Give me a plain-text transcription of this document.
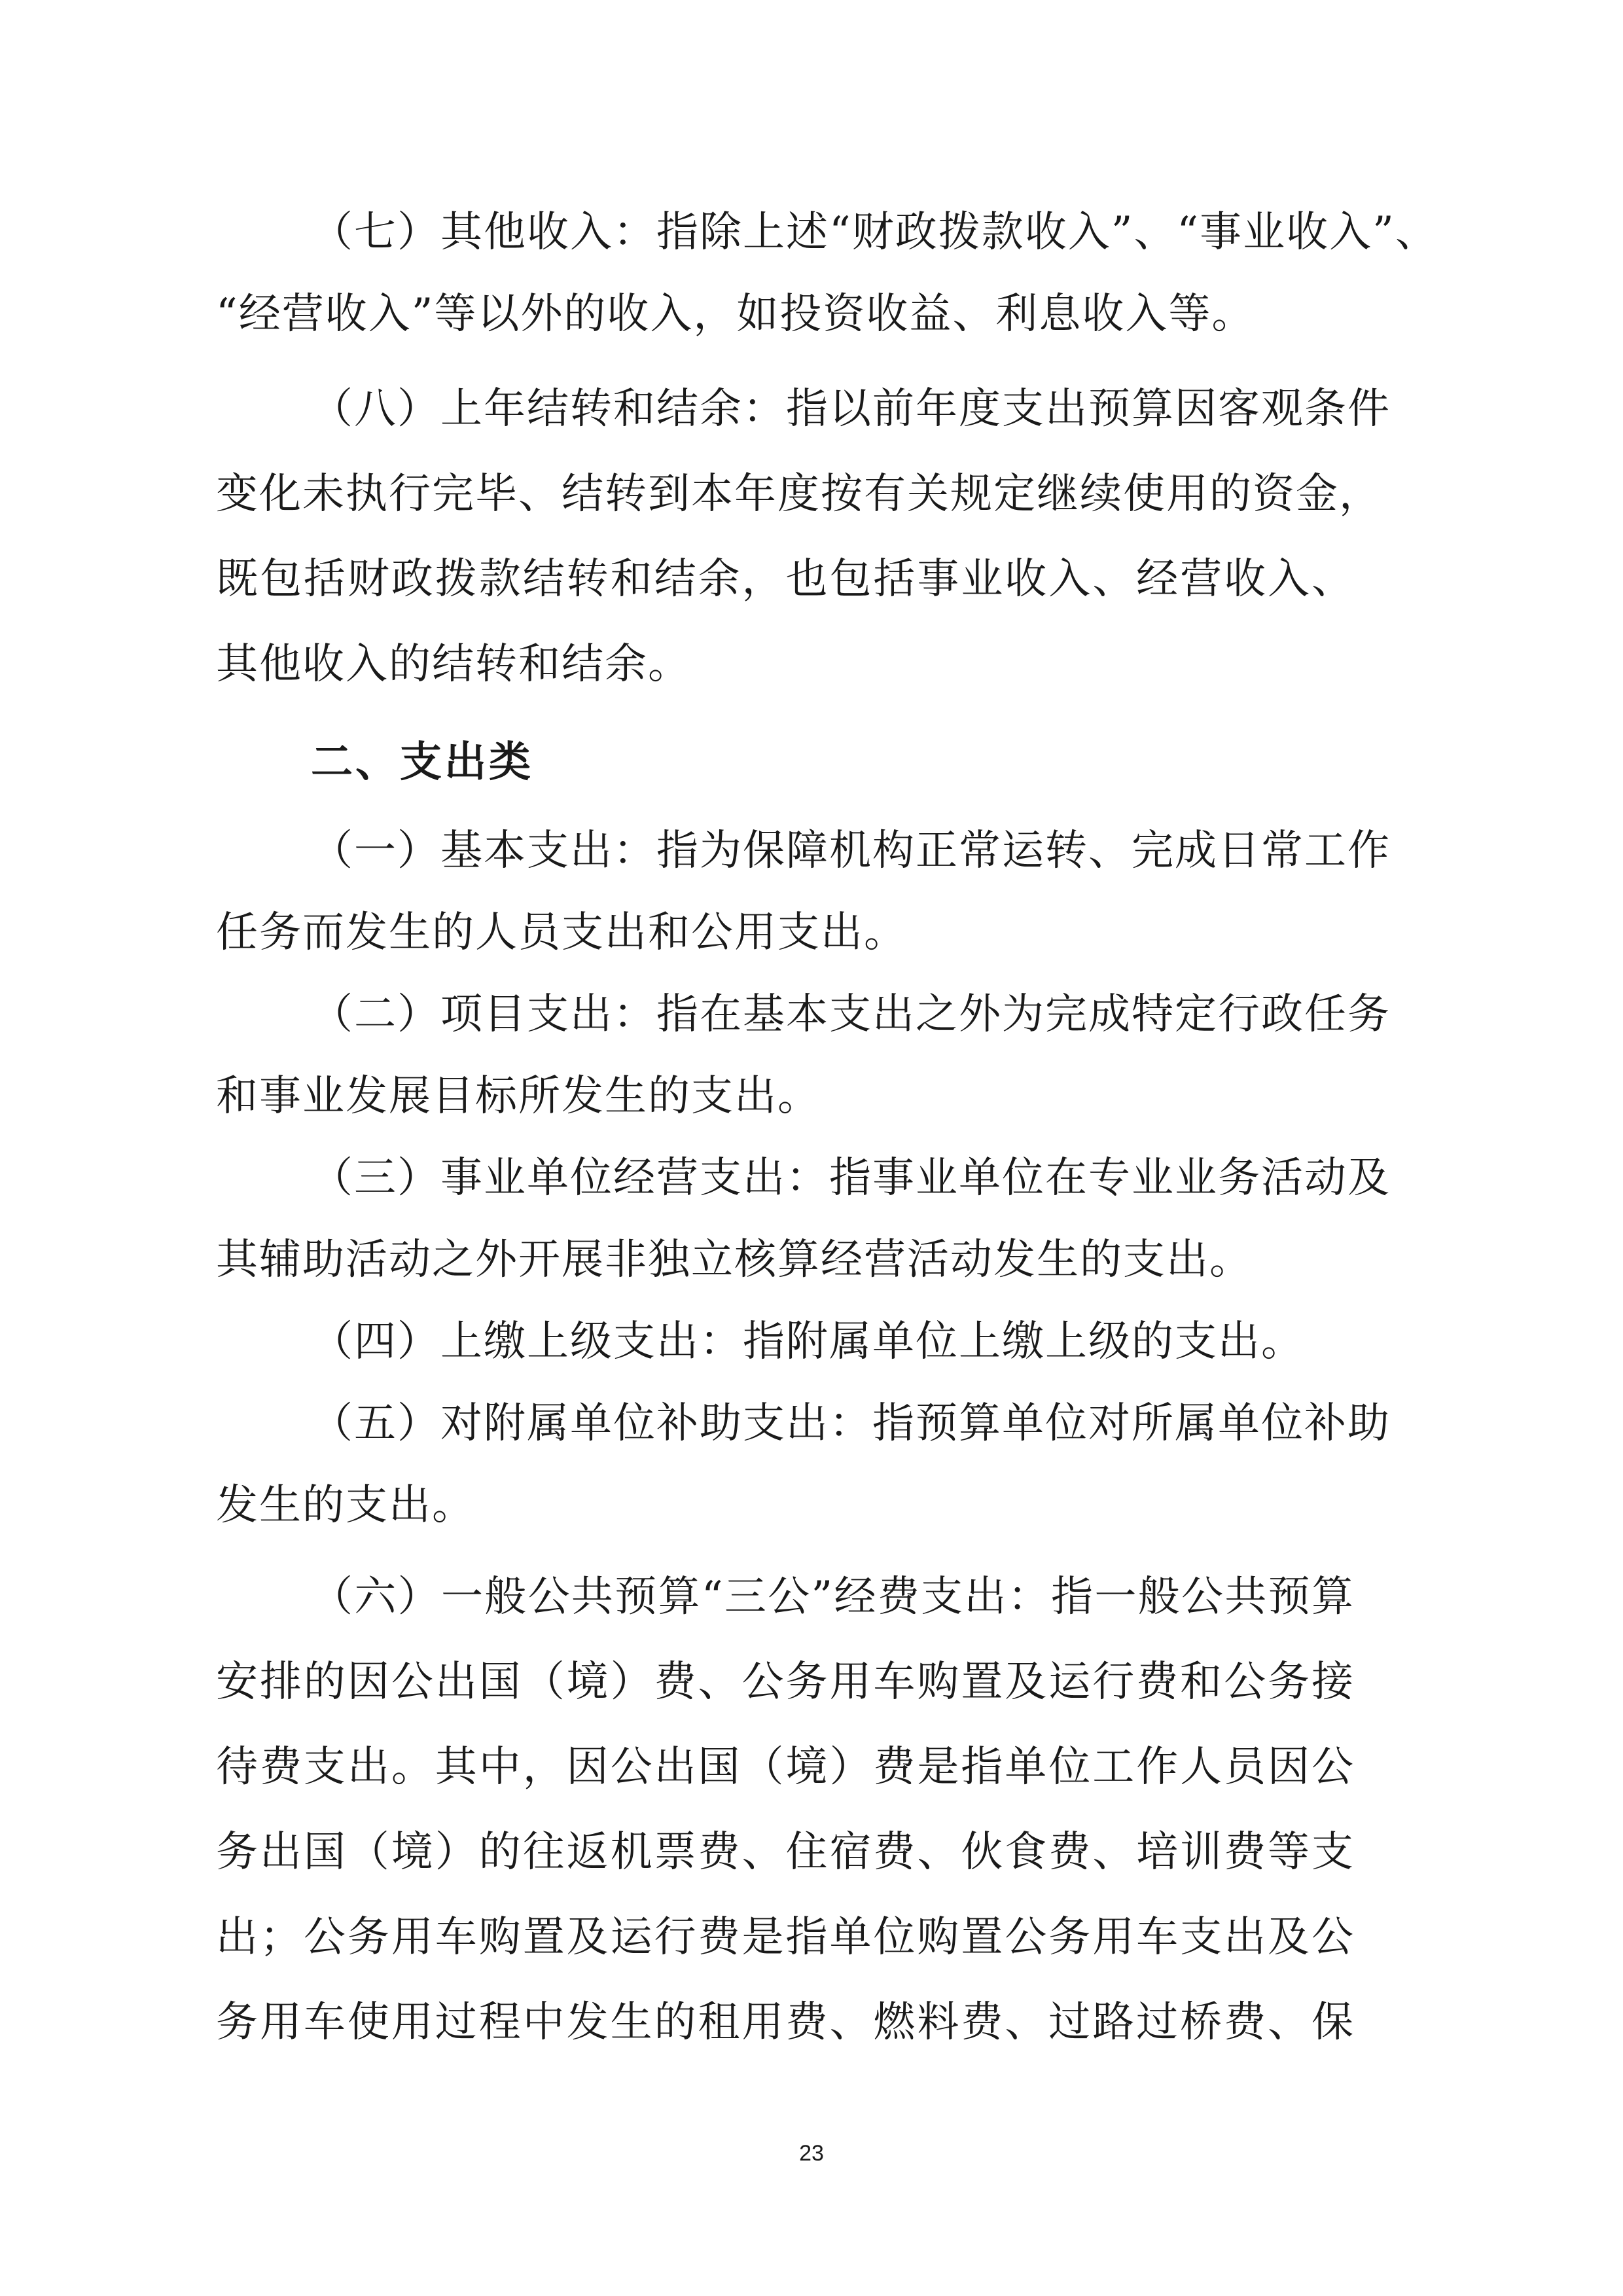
（七）其他收入：指除上述“财政拨款收入”、“事业收入”、
“经营收入”等以外的收入，如投资收益、利息收入等。
（八）上年结转和结余：指以前年度支出预算因客观条件
变化未执行完毕、结转到本年度按有关规定继续使用的资金，
既包括财政拨款结转和结余，也包括事业收入、经营收入、
其他收入的结转和结余。
二、支出类
（一）基本支出：指为保障机构正常运转、完成日常工作
任务而发生的人员支出和公用支出。
（二）项目支出：指在基本支出之外为完成特定行政任务
和事业发展目标所发生的支出。
（三）事业单位经营支出：指事业单位在专业业务活动及
其辅助活动之外开展非独立核算经营活动发生的支出。
（四）上缴上级支出：指附属单位上缴上级的支出。
（五）对附属单位补助支出：指预算单位对所属单位补助
发生的支出。
（六）一般公共预算“三公”经费支出：指一般公共预算
安排的因公出国（境）费、公务用车购置及运行费和公务接
待费支出。其中，因公出国（境）费是指单位工作人员因公
务出国（境）的往返机票费、住宿费、伙食费、培训费等支
出；公务用车购置及运行费是指单位购置公务用车支出及公
务用车使用过程中发生的租用费、燃料费、过路过桥费、保
23
